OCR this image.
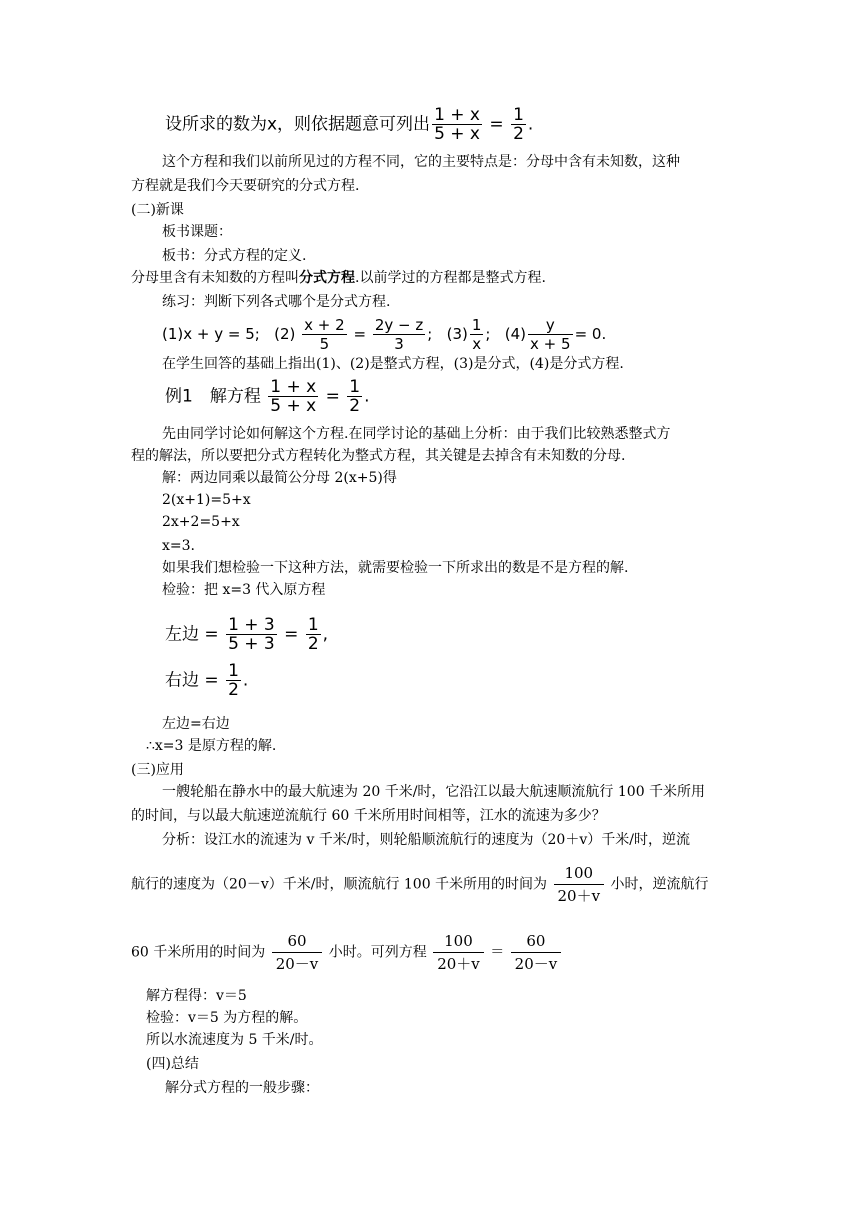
设所求的数为x，则依据题意可列出 $\frac{1 + x}{5 + x} = \frac{1}{2}$ .
这个方程和我们以前所见过的方程不同，它的主要特点是：分母中含有未知数，这种
方程就是我们今天要研究的分式方程.
(二)新课
板书课题：
板书：分式方程的定义.
分母里含有未知数的方程叫分式方程.以前学过的方程都是整式方程.
练习：判断下列各式哪个是分式方程.
(1)x + y = 5; $(2) \frac{x + 2}{5} = \frac{2y - z}{3}$ ; $(3) \frac{1}{x}$ ; $(4) \frac{y}{x + 5} = 0$.
在学生回答的基础上指出(1)、(2)是整式方程，(3)是分式，(4)是分式方程.
例1　解方程 $\frac{1 + x}{5 + x} = \frac{1}{2}$ .
先由同学讨论如何解这个方程.在同学讨论的基础上分析：由于我们比较熟悉整式方
程的解法，所以要把分式方程转化为整式方程，其关键是去掉含有未知数的分母.
解：两边同乘以最简公分母 2(x+5)得
2(x+1)=5+x
2x+2=5+x
x=3.
如果我们想检验一下这种方法，就需要检验一下所求出的数是不是方程的解.
检验：把 x=3 代入原方程
左边 = $\frac{1 + 3}{5 + 3} = \frac{1}{2}$ ,
右边 = $\frac{1}{2}$ .
左边=右边
∴x=3 是原方程的解.
(三)应用
一艘轮船在静水中的最大航速为 20 千米/时，它沿江以最大航速顺流航行 100 千米所用
的时间，与以最大航速逆流航行 60 千米所用时间相等，江水的流速为多少？
分析：设江水的流速为 v 千米/时，则轮船顺流航行的速度为（20＋v）千米/时，逆流
航行的速度为（20－v）千米/时，顺流航行 100 千米所用的时间为 $\frac{100}{20+v}$ 小时，逆流航行
60 千米所用的时间为 $\frac{60}{20-v}$ 小时。可列方程 $\frac{100}{20+v} = \frac{60}{20-v}$
解方程得：v＝5
检验：v＝5 为方程的解。
所以水流速度为 5 千米/时。
(四)总结
解分式方程的一般步骤：
